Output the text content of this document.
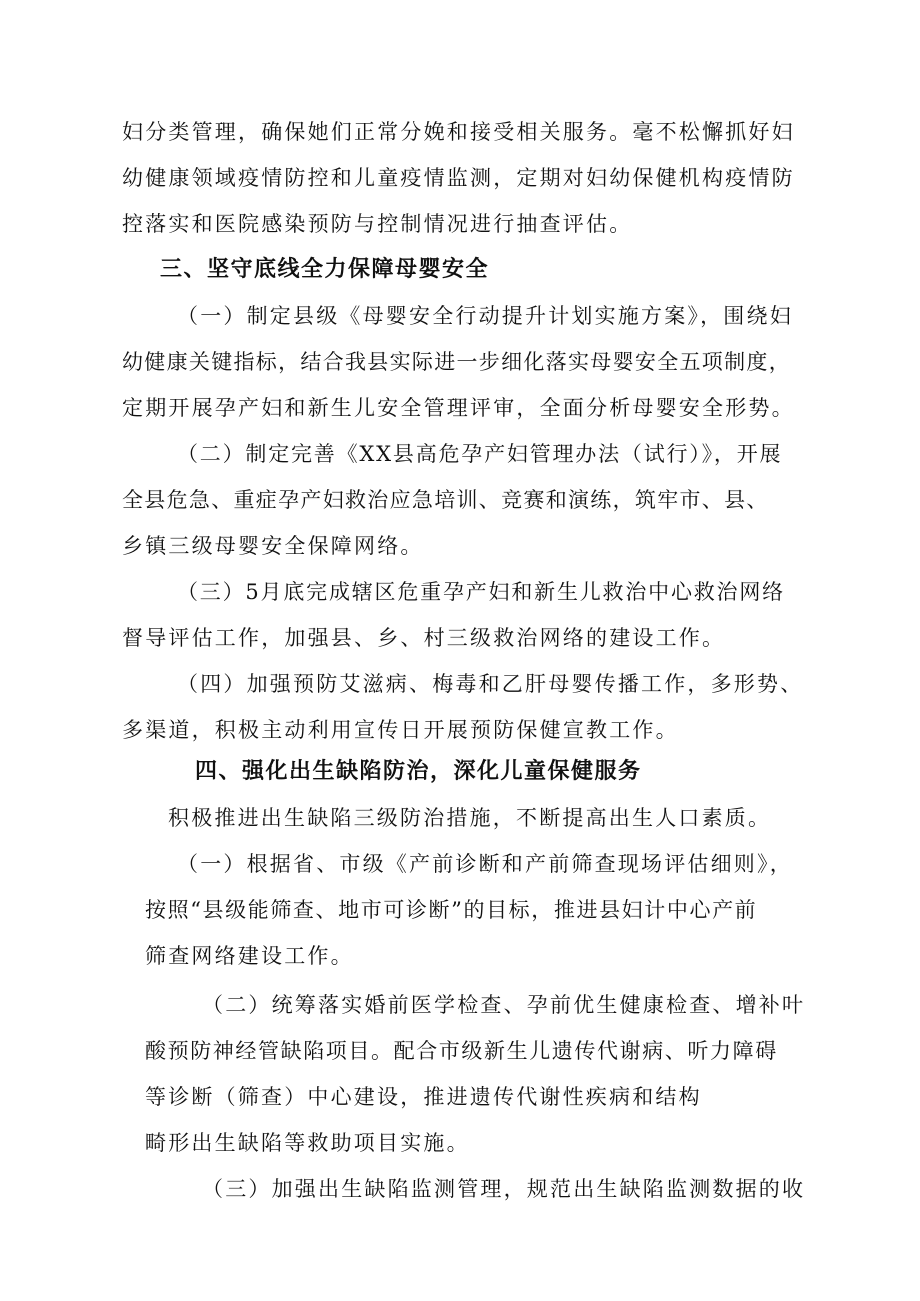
妇分类管理，确保她们正常分娩和接受相关服务。毫不松懈抓好妇
幼健康领域疫情防控和儿童疫情监测，定期对妇幼保健机构疫情防
控落实和医院感染预防与控制情况进行抽查评估。
三、坚守底线全力保障母婴安全
（一）制定县级《母婴安全行动提升计划实施方案》，围绕妇
幼健康关键指标，结合我县实际进一步细化落实母婴安全五项制度，
定期开展孕产妇和新生儿安全管理评审，全面分析母婴安全形势。
（二）制定完善《XX县高危孕产妇管理办法（试行）》，开展
全县危急、重症孕产妇救治应急培训、竞赛和演练，筑牢市、县、
乡镇三级母婴安全保障网络。
（三）5月底完成辖区危重孕产妇和新生儿救治中心救治网络
督导评估工作，加强县、乡、村三级救治网络的建设工作。
（四）加强预防艾滋病、梅毒和乙肝母婴传播工作，多形势、
多渠道，积极主动利用宣传日开展预防保健宣教工作。
四、强化出生缺陷防治，深化儿童保健服务
积极推进出生缺陷三级防治措施，不断提高出生人口素质。
（一）根据省、市级《产前诊断和产前筛查现场评估细则》，
按照“县级能筛查、地市可诊断”的目标，推进县妇计中心产前
筛查网络建设工作。
（二）统筹落实婚前医学检查、孕前优生健康检查、增补叶
酸预防神经管缺陷项目。配合市级新生儿遗传代谢病、听力障碍
等诊断（筛查）中心建设，推进遗传代谢性疾病和结构
畸形出生缺陷等救助项目实施。
（三）加强出生缺陷监测管理，规范出生缺陷监测数据的收
